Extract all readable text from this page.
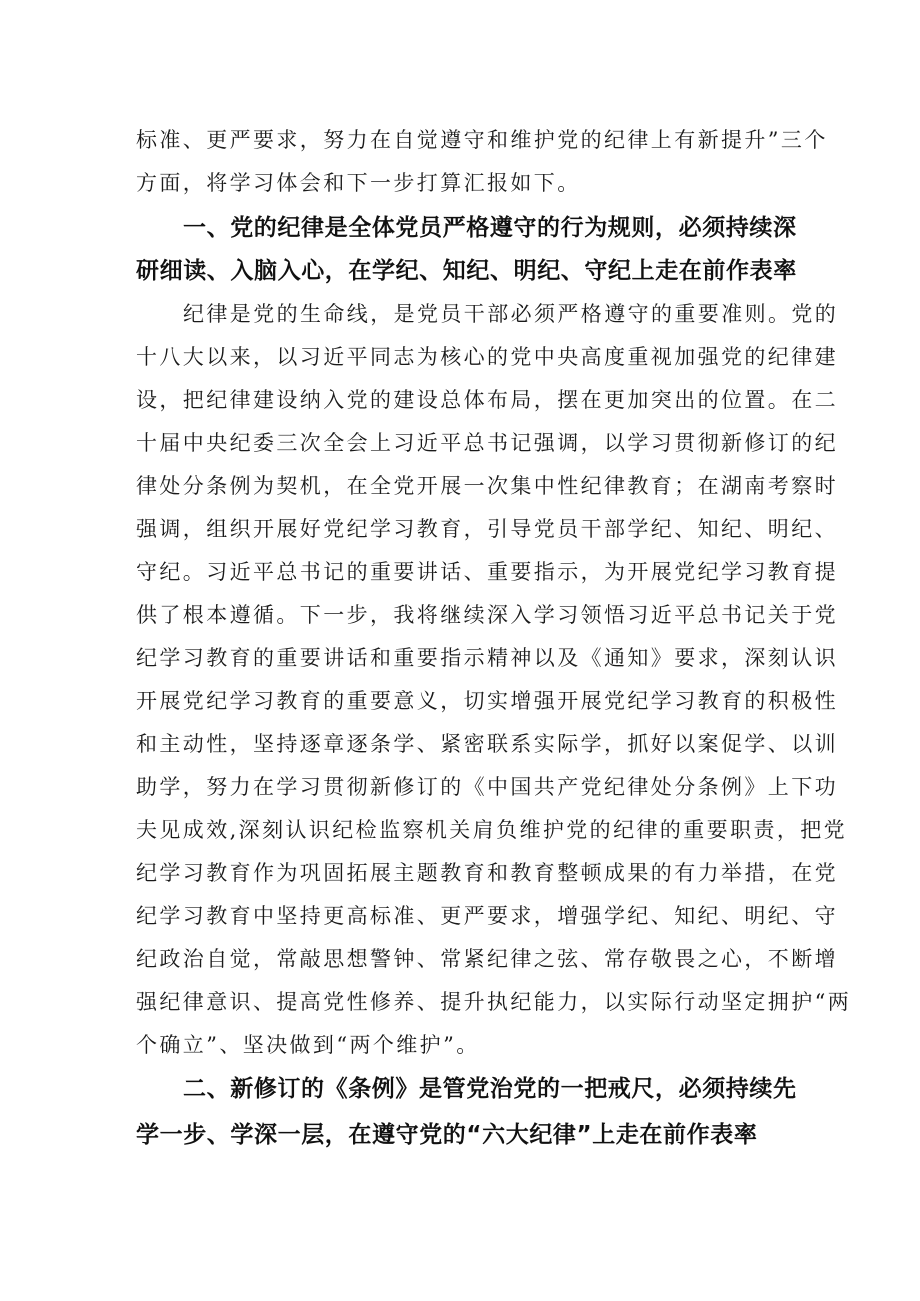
标准、更严要求，努力在自觉遵守和维护党的纪律上有新提升”三个
方面，将学习体会和下一步打算汇报如下。
一、党的纪律是全体党员严格遵守的行为规则，必须持续深
研细读、入脑入心，在学纪、知纪、明纪、守纪上走在前作表率
纪律是党的生命线，是党员干部必须严格遵守的重要准则。党的
十八大以来，以习近平同志为核心的党中央高度重视加强党的纪律建
设，把纪律建设纳入党的建设总体布局，摆在更加突出的位置。在二
十届中央纪委三次全会上习近平总书记强调，以学习贯彻新修订的纪
律处分条例为契机，在全党开展一次集中性纪律教育；在湖南考察时
强调，组织开展好党纪学习教育，引导党员干部学纪、知纪、明纪、
守纪。习近平总书记的重要讲话、重要指示，为开展党纪学习教育提
供了根本遵循。下一步，我将继续深入学习领悟习近平总书记关于党
纪学习教育的重要讲话和重要指示精神以及《通知》要求，深刻认识
开展党纪学习教育的重要意义，切实增强开展党纪学习教育的积极性
和主动性，坚持逐章逐条学、紧密联系实际学，抓好以案促学、以训
助学，努力在学习贯彻新修订的《中国共产党纪律处分条例》上下功
夫见成效,深刻认识纪检监察机关肩负维护党的纪律的重要职责，把党
纪学习教育作为巩固拓展主题教育和教育整顿成果的有力举措，在党
纪学习教育中坚持更高标准、更严要求，增强学纪、知纪、明纪、守
纪政治自觉，常敲思想警钟、常紧纪律之弦、常存敬畏之心，不断增
强纪律意识、提高党性修养、提升执纪能力，以实际行动坚定拥护“两
个确立”、坚决做到“两个维护”。
二、新修订的《条例》是管党治党的一把戒尺，必须持续先
学一步、学深一层，在遵守党的“六大纪律”上走在前作表率
